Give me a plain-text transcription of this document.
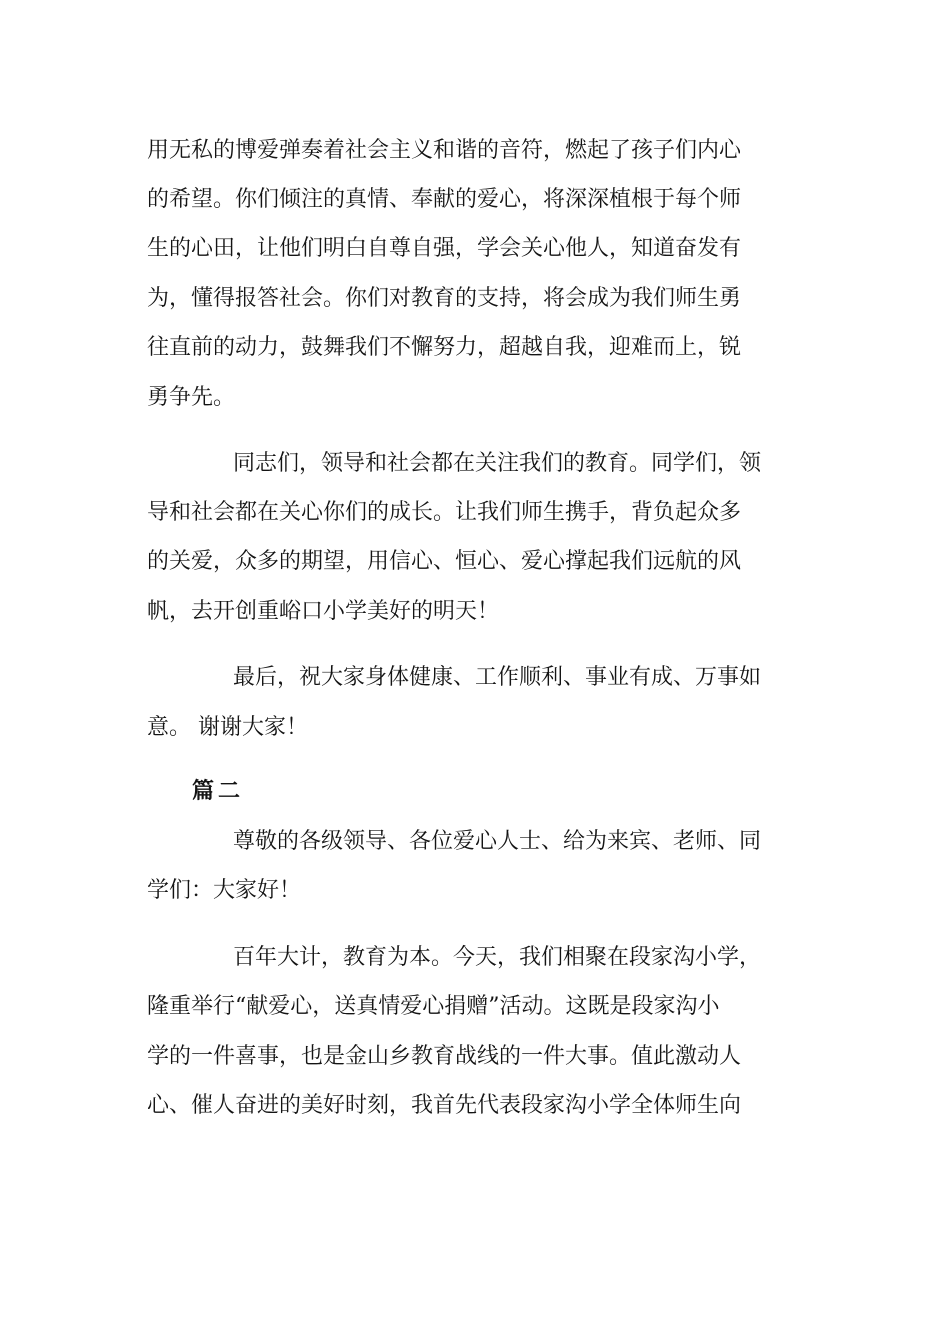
用无私的博爱弹奏着社会主义和谐的音符，燃起了孩子们内心
的希望。你们倾注的真情、奉献的爱心，将深深植根于每个师
生的心田，让他们明白自尊自强，学会关心他人，知道奋发有
为，懂得报答社会。你们对教育的支持，将会成为我们师生勇
往直前的动力，鼓舞我们不懈努力，超越自我，迎难而上，锐
勇争先。
同志们，领导和社会都在关注我们的教育。同学们，领
导和社会都在关心你们的成长。让我们师生携手，背负起众多
的关爱，众多的期望，用信心、恒心、爱心撑起我们远航的风
帆，去开创重峪口小学美好的明天！
最后，祝大家身体健康、工作顺利、事业有成、万事如
意。 谢谢大家！
篇二
尊敬的各级领导、各位爱心人士、给为来宾、老师、同
学们：大家好！
百年大计，教育为本。今天，我们相聚在段家沟小学，
隆重举行“献爱心，送真情爱心捐赠”活动。这既是段家沟小
学的一件喜事，也是金山乡教育战线的一件大事。值此激动人
心、催人奋进的美好时刻，我首先代表段家沟小学全体师生向
